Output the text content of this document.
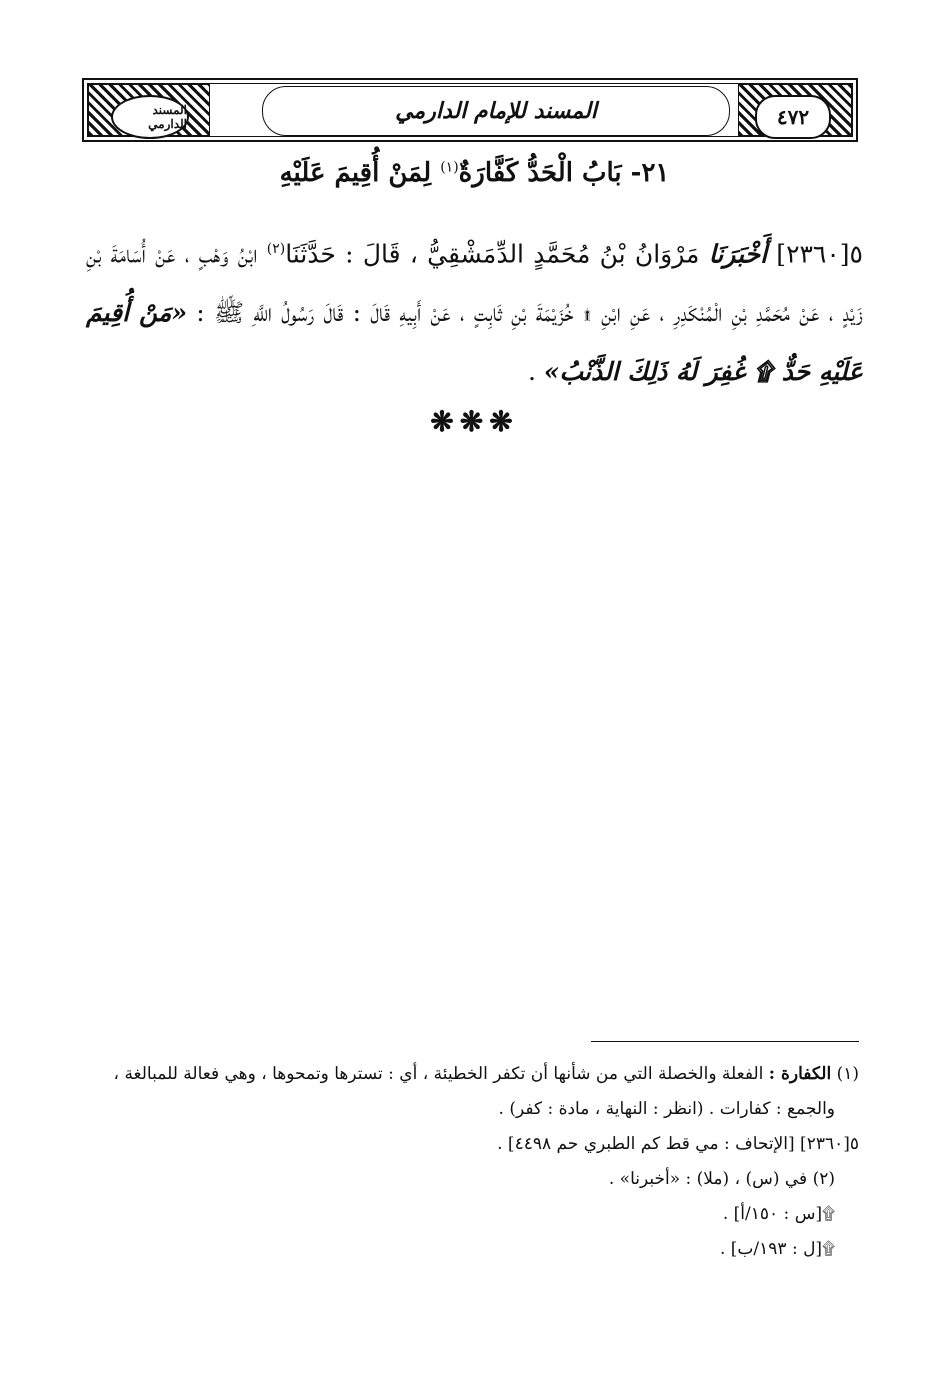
٤٧٢
المسند للإمام الدارمي
المسند الدارمي
٢١- بَابُ الْحَدُّ كَفَّارَةٌ$^{(١)}$ لِمَنْ أُقِيمَ عَلَيْهِ

٥[٢٣٦٠] أَخْبَرَنَا مَرْوَانُ بْنُ مُحَمَّدٍ الدِّمَشْقِيُّ ، قَالَ : حَدَّثَنَا$^{(٢)}$ ابْنُ وَهْبٍ ، عَنْ أُسَامَةَ بْنِ زَيْدٍ ، عَنْ مُحَمَّدِ بْنِ الْمُنْكَدِرِ ، عَنِ ابْنِ ۩ خُزَيْمَةَ بْنِ ثَابِتٍ ، عَنْ أَبِيهِ قَالَ : قَالَ رَسُولُ اللَّهِ ﷺ : «مَنْ أُقِيمَ عَلَيْهِ حَدٌّ ۩ غُفِرَ لَهُ ذَلِكَ الذَّنْبُ» .

❋❋❋

(١) الكفارة : الفعلة والخصلة التي من شأنها أن تكفر الخطيئة ، أي : تسترها وتمحوها ، وهي فعالة للمبالغة ،

والجمع : كفارات . (انظر : النهاية ، مادة : كفر) .

٥[٢٣٦٠] [الإتحاف : مي قط كم الطبري حم ٤٤٩٨] .

(٢) في (س) ، (ملا) : «أخبرنا» .

۩[س : ١٥٠/أ] .

۩[ل : ١٩٣/ب] .
